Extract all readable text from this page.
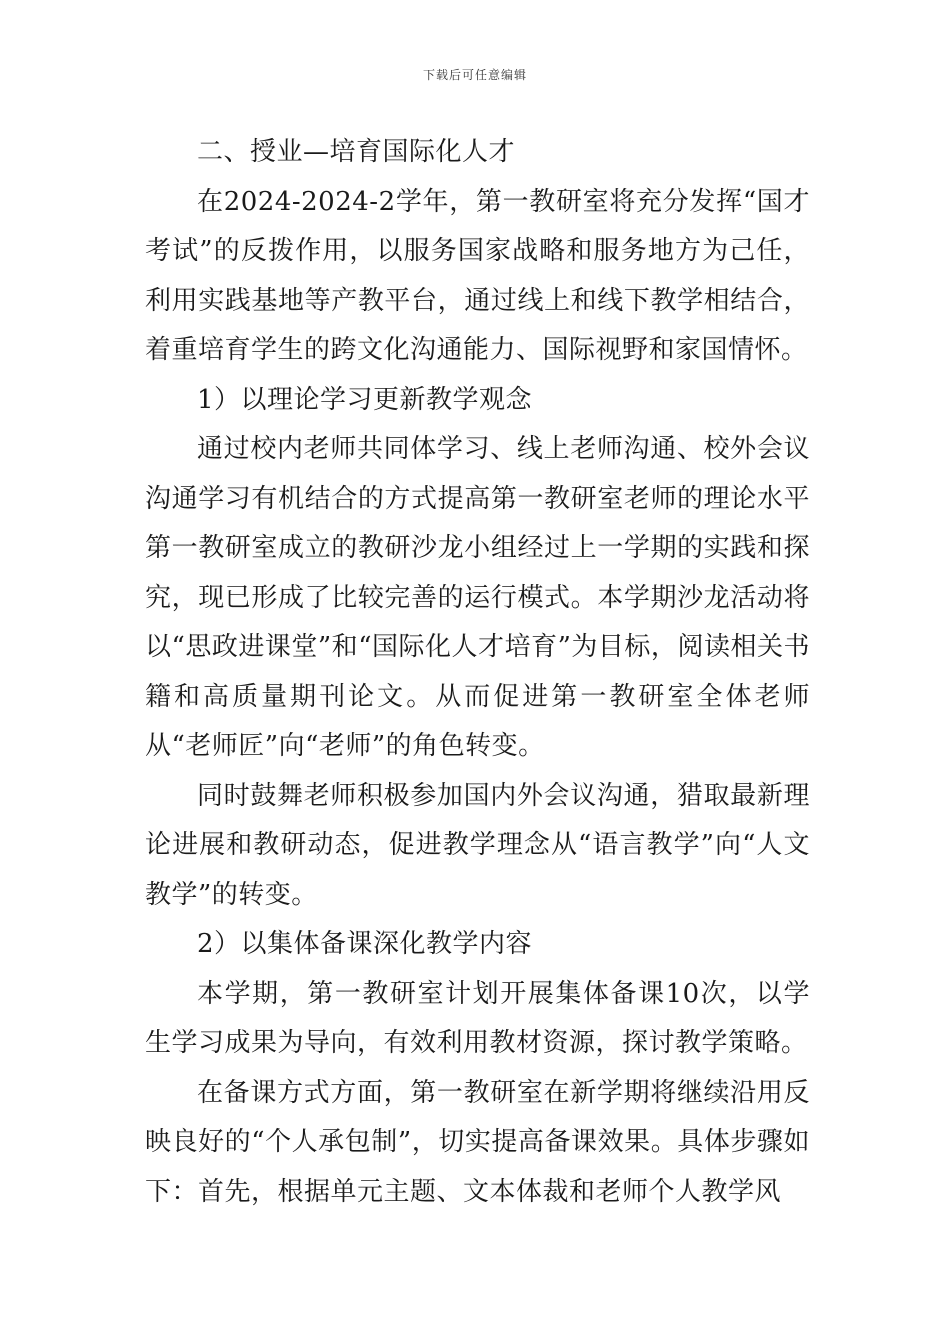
下载后可任意编辑

二、授业—培育国际化人才

在2024-2024-2学年，第一教研室将充分发挥“国才考试”的反拨作用，以服务国家战略和服务地方为己任，利用实践基地等产教平台，通过线上和线下教学相结合，着重培育学生的跨文化沟通能力、国际视野和家国情怀。

1）以理论学习更新教学观念

通过校内老师共同体学习、线上老师沟通、校外会议沟通学习有机结合的方式提高第一教研室老师的理论水平第一教研室成立的教研沙龙小组经过上一学期的实践和探究，现已形成了比较完善的运行模式。本学期沙龙活动将以“思政进课堂”和“国际化人才培育”为目标，阅读相关书籍和高质量期刊论文。从而促进第一教研室全体老师从“老师匠”向“老师”的角色转变。

同时鼓舞老师积极参加国内外会议沟通，猎取最新理论进展和教研动态，促进教学理念从“语言教学”向“人文教学”的转变。

2）以集体备课深化教学内容

本学期，第一教研室计划开展集体备课10次，以学生学习成果为导向，有效利用教材资源，探讨教学策略。

在备课方式方面，第一教研室在新学期将继续沿用反映良好的“个人承包制”，切实提高备课效果。具体步骤如下：首先，根据单元主题、文本体裁和老师个人教学风
